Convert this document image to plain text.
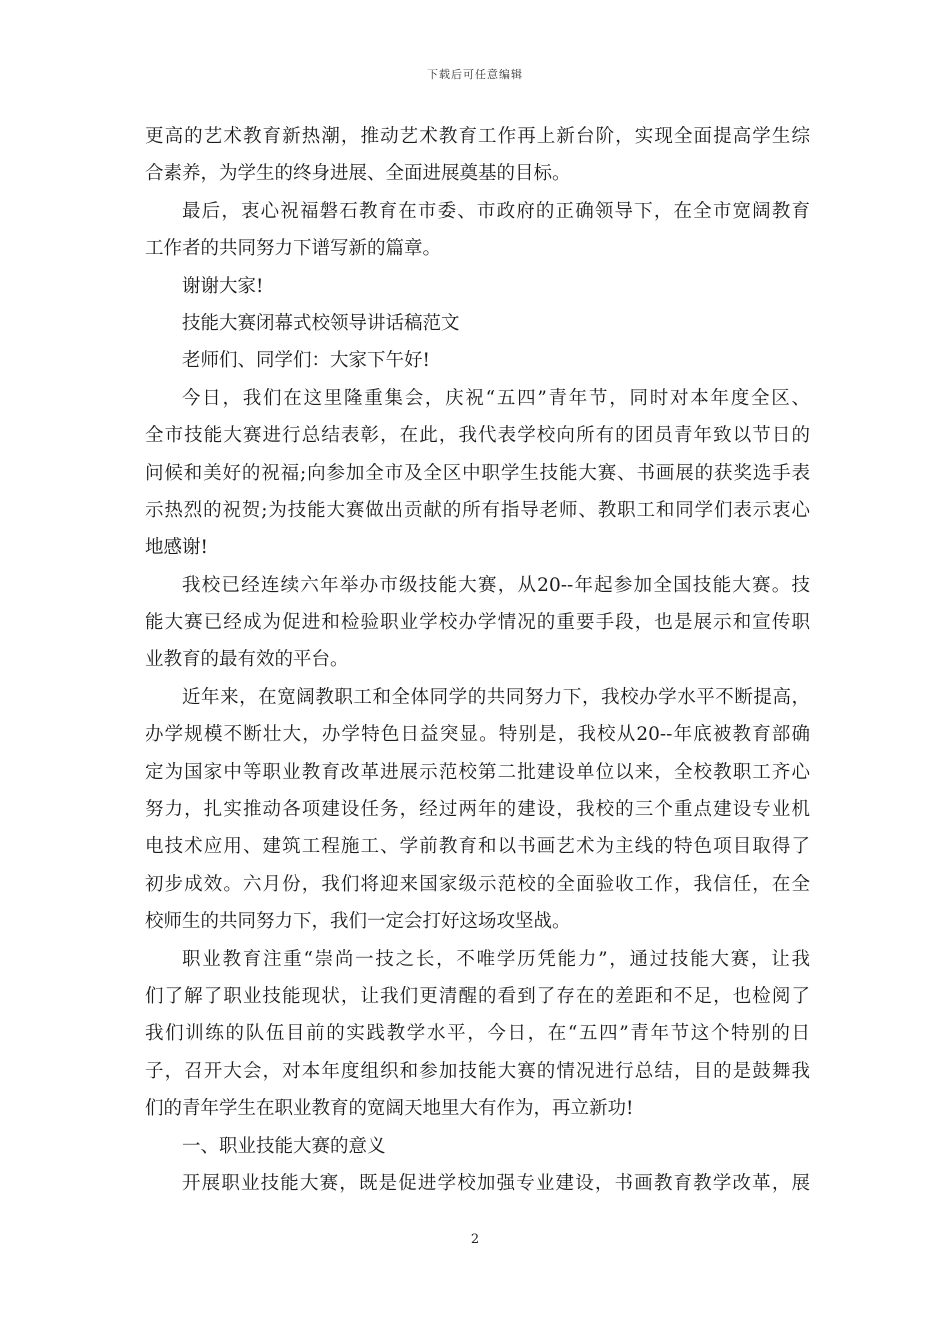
下载后可任意编辑
更高的艺术教育新热潮，推动艺术教育工作再上新台阶，实现全面提高学生综
合素养，为学生的终身进展、全面进展奠基的目标。
最后，衷心祝福磐石教育在市委、市政府的正确领导下，在全市宽阔教育
工作者的共同努力下谱写新的篇章。
谢谢大家!
技能大赛闭幕式校领导讲话稿范文
老师们、同学们：大家下午好!
今日，我们在这里隆重集会，庆祝“五四”青年节，同时对本年度全区、
全市技能大赛进行总结表彰，在此，我代表学校向所有的团员青年致以节日的
问候和美好的祝福;向参加全市及全区中职学生技能大赛、书画展的获奖选手表
示热烈的祝贺;为技能大赛做出贡献的所有指导老师、教职工和同学们表示衷心
地感谢!
我校已经连续六年举办市级技能大赛，从20--年起参加全国技能大赛。技
能大赛已经成为促进和检验职业学校办学情况的重要手段，也是展示和宣传职
业教育的最有效的平台。
近年来，在宽阔教职工和全体同学的共同努力下，我校办学水平不断提高，
办学规模不断壮大，办学特色日益突显。特别是，我校从20--年底被教育部确
定为国家中等职业教育改革进展示范校第二批建设单位以来，全校教职工齐心
努力，扎实推动各项建设任务，经过两年的建设，我校的三个重点建设专业机
电技术应用、建筑工程施工、学前教育和以书画艺术为主线的特色项目取得了
初步成效。六月份，我们将迎来国家级示范校的全面验收工作，我信任，在全
校师生的共同努力下，我们一定会打好这场攻坚战。
职业教育注重“崇尚一技之长，不唯学历凭能力”，通过技能大赛，让我
们了解了职业技能现状，让我们更清醒的看到了存在的差距和不足，也检阅了
我们训练的队伍目前的实践教学水平，今日，在“五四”青年节这个特别的日
子，召开大会，对本年度组织和参加技能大赛的情况进行总结，目的是鼓舞我
们的青年学生在职业教育的宽阔天地里大有作为，再立新功!
一、职业技能大赛的意义
开展职业技能大赛，既是促进学校加强专业建设，书画教育教学改革，展
2
